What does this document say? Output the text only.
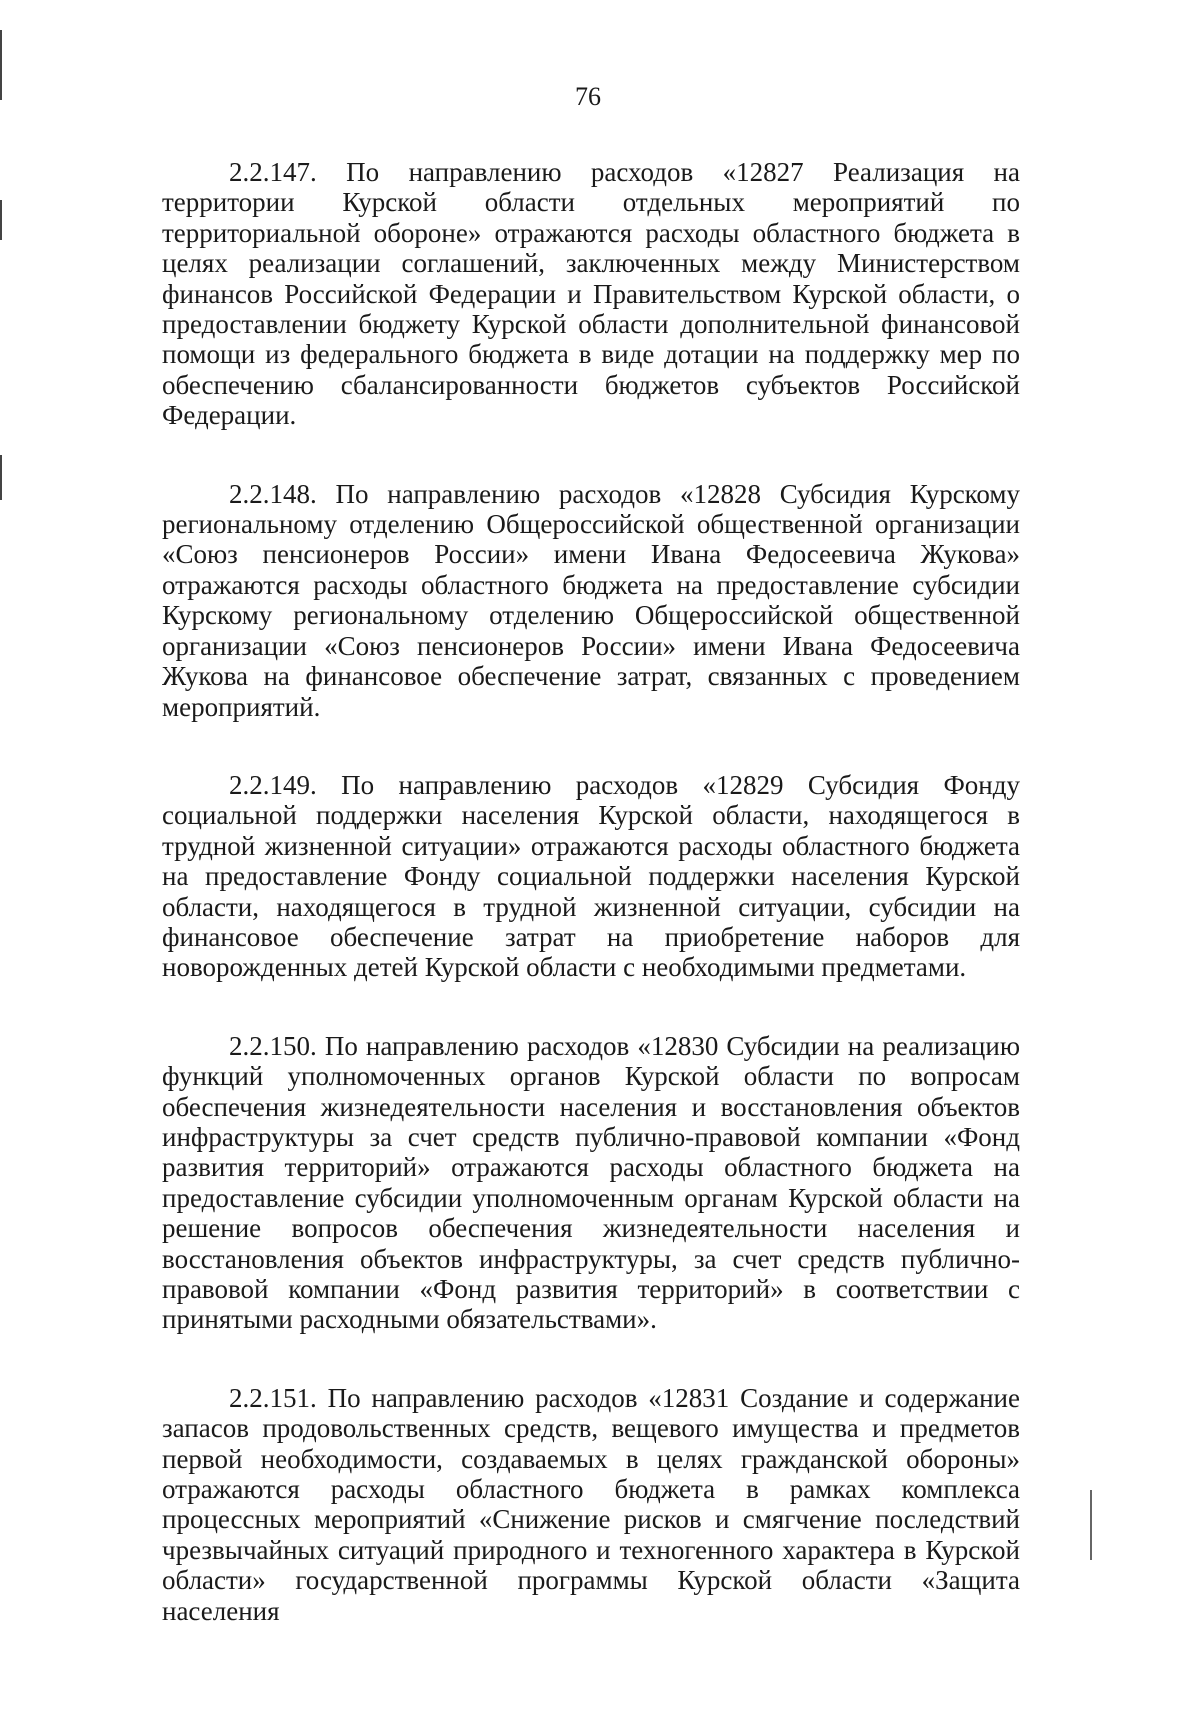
76

2.2.147. По направлению расходов «12827 Реализация на территории Курской области отдельных мероприятий по территориальной обороне» отражаются расходы областного бюджета в целях реализации соглашений, заключенных между Министерством финансов Российской Федерации и Правительством Курской области, о предоставлении бюджету Курской области дополнительной финансовой помощи из федерального бюджета в виде дотации на поддержку мер по обеспечению сбалансированности бюджетов субъектов Российской Федерации.

2.2.148. По направлению расходов «12828 Субсидия Курскому региональному отделению Общероссийской общественной организации «Союз пенсионеров России» имени Ивана Федосеевича Жукова» отражаются расходы областного бюджета на предоставление субсидии Курскому региональному отделению Общероссийской общественной организации «Союз пенсионеров России» имени Ивана Федосеевича Жукова на финансовое обеспечение затрат, связанных с проведением мероприятий.

2.2.149. По направлению расходов «12829 Субсидия Фонду социальной поддержки населения Курской области, находящегося в трудной жизненной ситуации» отражаются расходы областного бюджета на предоставление Фонду социальной поддержки населения Курской области, находящегося в трудной жизненной ситуации, субсидии на финансовое обеспечение затрат на приобретение наборов для новорожденных детей Курской области с необходимыми предметами.

2.2.150. По направлению расходов «12830 Субсидии на реализацию функций уполномоченных органов Курской области по вопросам обеспечения жизнедеятельности населения и восстановления объектов инфраструктуры за счет средств публично-правовой компании «Фонд развития территорий» отражаются расходы областного бюджета на предоставление субсидии уполномоченным органам Курской области на решение вопросов обеспечения жизнедеятельности населения и восстановления объектов инфраструктуры, за счет средств публично-правовой компании «Фонд развития территорий» в соответствии с принятыми расходными обязательствами».

2.2.151. По направлению расходов «12831 Создание и содержание запасов продовольственных средств, вещевого имущества и предметов первой необходимости, создаваемых в целях гражданской обороны» отражаются расходы областного бюджета в рамках комплекса процессных мероприятий «Снижение рисков и смягчение последствий чрезвычайных ситуаций природного и техногенного характера в Курской области» государственной программы Курской области «Защита населения
